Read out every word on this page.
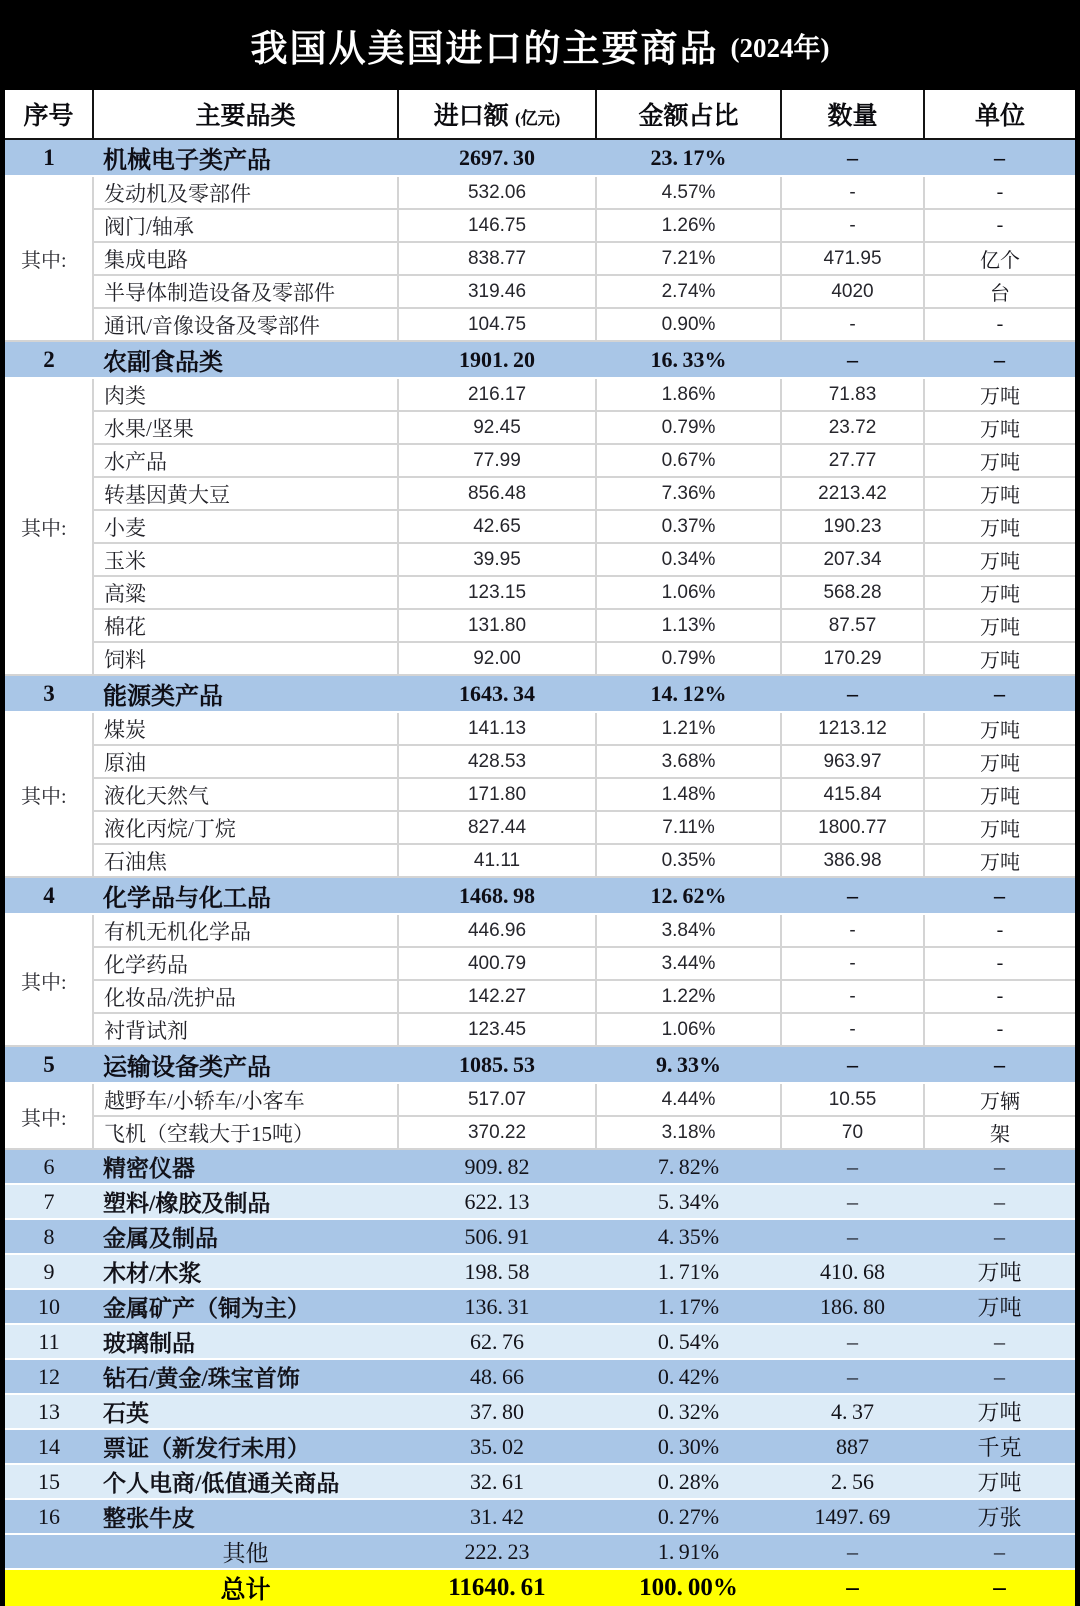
我国从美国进口的主要商品 (2024年)
序号	主要品类	进口额 (亿元)	金额占比	数量	单位
1	机械电子类产品	2697. 30	23. 17%	–	–
其中:	发动机及零部件	532.06	4.57%	-	-
	阀门/轴承	146.75	1.26%	-	-
	集成电路	838.77	7.21%	471.95	亿个
	半导体制造设备及零部件	319.46	2.74%	4020	台
	通讯/音像设备及零部件	104.75	0.90%	-	-
2	农副食品类	1901. 20	16. 33%	–	–
其中:	肉类	216.17	1.86%	71.83	万吨
	水果/坚果	92.45	0.79%	23.72	万吨
	水产品	77.99	0.67%	27.77	万吨
	转基因黄大豆	856.48	7.36%	2213.42	万吨
	小麦	42.65	0.37%	190.23	万吨
	玉米	39.95	0.34%	207.34	万吨
	高粱	123.15	1.06%	568.28	万吨
	棉花	131.80	1.13%	87.57	万吨
	饲料	92.00	0.79%	170.29	万吨
3	能源类产品	1643. 34	14. 12%	–	–
其中:	煤炭	141.13	1.21%	1213.12	万吨
	原油	428.53	3.68%	963.97	万吨
	液化天然气	171.80	1.48%	415.84	万吨
	液化丙烷/丁烷	827.44	7.11%	1800.77	万吨
	石油焦	41.11	0.35%	386.98	万吨
4	化学品与化工品	1468. 98	12. 62%	–	–
其中:	有机无机化学品	446.96	3.84%	-	-
	化学药品	400.79	3.44%	-	-
	化妆品/洗护品	142.27	1.22%	-	-
	衬背试剂	123.45	1.06%	-	-
5	运输设备类产品	1085. 53	9. 33%	–	–
其中:	越野车/小轿车/小客车	517.07	4.44%	10.55	万辆
	飞机（空载大于15吨）	370.22	3.18%	70	架
6	精密仪器	909. 82	7. 82%	–	–
7	塑料/橡胶及制品	622. 13	5. 34%	–	–
8	金属及制品	506. 91	4. 35%	–	–
9	木材/木浆	198. 58	1. 71%	410. 68	万吨
10	金属矿产（铜为主）	136. 31	1. 17%	186. 80	万吨
11	玻璃制品	62. 76	0. 54%	–	–
12	钻石/黄金/珠宝首饰	48. 66	0. 42%	–	–
13	石英	37. 80	0. 32%	4. 37	万吨
14	票证（新发行未用）	35. 02	0. 30%	887	千克
15	个人电商/低值通关商品	32. 61	0. 28%	2. 56	万吨
16	整张牛皮	31. 42	0. 27%	1497. 69	万张
	其他	222. 23	1. 91%	–	–
	总计	11640. 61	100. 00%	–	–
